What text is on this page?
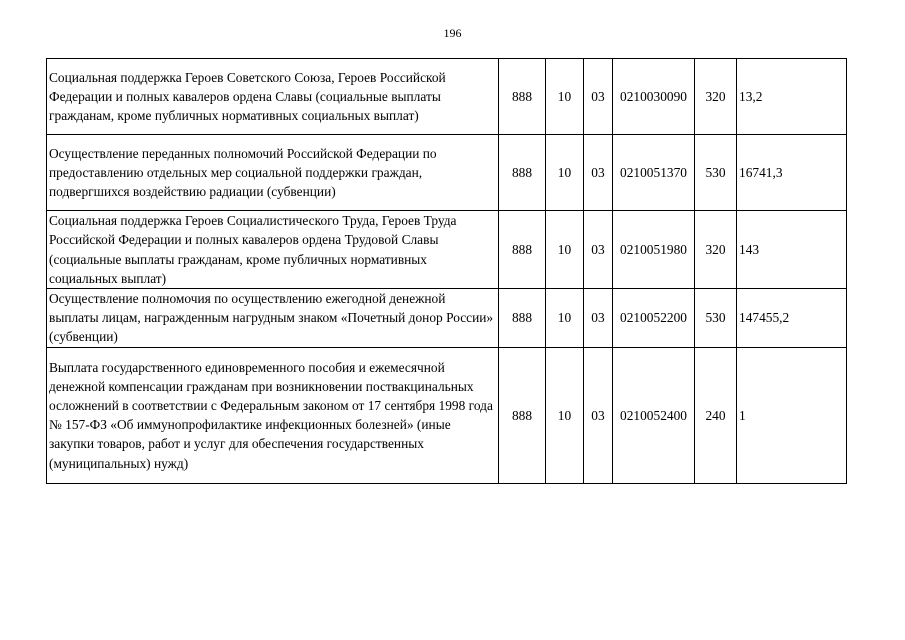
196
Социальная поддержка Героев Советского Союза, Героев Российской Федерации и полных кавалеров ордена Славы (социальные выплаты гражданам, кроме публичных нормативных социальных выплат)	888	10	03	0210030090	320	13,2
Осуществление переданных полномочий Российской Федерации по предоставлению отдельных мер социальной поддержки граждан, подвергшихся воздействию радиации (субвенции)	888	10	03	0210051370	530	16741,3
Социальная поддержка Героев Социалистического Труда, Героев Труда Российской Федерации и полных кавалеров ордена Трудовой Славы (социальные выплаты гражданам, кроме публичных нормативных социальных выплат)	888	10	03	0210051980	320	143
Осуществление полномочия по осуществлению ежегодной денежной выплаты лицам, награжденным нагрудным знаком «Почетный донор России» (субвенции)	888	10	03	0210052200	530	147455,2
Выплата государственного единовременного пособия и ежемесячной денежной компенсации гражданам при возникновении поствакцинальных осложнений в соответствии с Федеральным законом от 17 сентября 1998 года № 157-ФЗ «Об иммунопрофилактике инфекционных болезней» (иные закупки товаров, работ и услуг для обеспечения государственных (муниципальных) нужд)	888	10	03	0210052400	240	1
